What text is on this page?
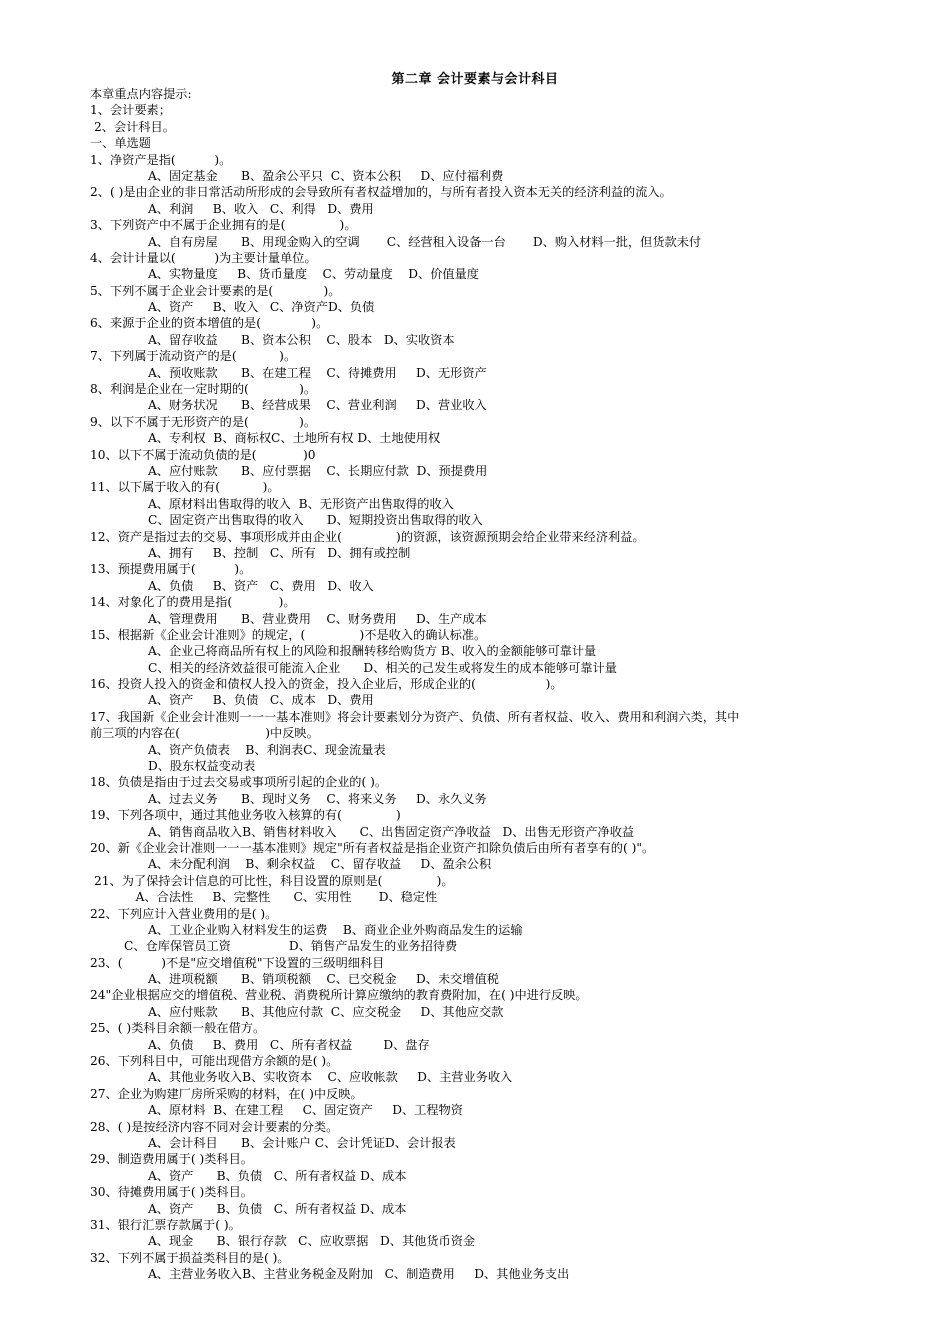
第二章 会计要素与会计科目
本章重点内容提示:
1、会计要素；
2、会计科目。
一、单选题
1、净资产是指(          )。
A、固定基金      B、盈余公平只  C、资本公积     D、应付福利费
2、( )是由企业的非日常活动所形成的会导致所有者权益增加的，与所有者投入资本无关的经济利益的流入。
A、利润     B、收入   C、利得   D、费用
3、下列资产中不属于企业拥有的是(              )。
A、自有房屋      B、用现金购入的空调       C、经营租入设备一台       D、购入材料一批，但货款未付
4、会计计量以(          )为主要计量单位。
A、实物量度     B、货币量度    C、劳动量度    D、价值量度
5、下列不属于企业会计要素的是(             )。
A、资产     B、收入   C、净资产D、负债
6、来源于企业的资本增值的是(             )。
A、留存收益      B、资本公积    C、股本   D、实收资本
7、下列属于流动资产的是(           )。
A、预收账款      B、在建工程    C、待摊费用     D、无形资产
8、利润是企业在一定时期的(             )。
A、财务状况      B、经营成果    C、营业利润     D、营业收入
9、以下不属于无形资产的是(             )。
A、专利权  B、商标权C、土地所有权 D、土地使用权
10、以下不属于流动负债的是(            )0
A、应付账款      B、应付票据    C、长期应付款  D、预提费用
11、以下属于收入的有(           )。
A、原材料出售取得的收入  B、无形资产出售取得的收入
C、固定资产出售取得的收入      D、短期投资出售取得的收入
12、资产是指过去的交易、事项形成并由企业(              )的资源，该资源预期会给企业带来经济利益。
A、拥有     B、控制   C、所有   D、拥有或控制
13、预提费用属于(          )。
A、负债     B、资产   C、费用   D、收入
14、对象化了的费用是指(            )。
A、管理费用      B、营业费用    C、财务费用     D、生产成本
15、根据新《企业会计准则》的规定，(              )不是收入的确认标准。
A、企业己将商品所有权上的风险和报酬转移给购货方 B、收入的金额能够可靠计量
C、相关的经济效益很可能流入企业      D、相关的己发生或将发生的成本能够可靠计量
16、投资人投入的资金和债权人投入的资金，投入企业后，形成企业的(                  )。
A、资产     B、负债   C、成本   D、费用
17、我国新《企业会计准则一一一基本准则》将会计要素划分为资产、负债、所有者权益、收入、费用和利润六类，其中
前三项的内容在(                      )中反映。
A、资产负债表    B、利润表C、现金流量表
D、股东权益变动表
18、负债是指由于过去交易或事项所引起的企业的( )。
A、过去义务      B、现时义务    C、将来义务     D、永久义务
19、下列各项中，通过其他业务收入核算的有(              )
A、销售商品收入B、销售材料收入      C、出售固定资产净收益   D、出售无形资产净收益
20、新《企业会计准则一一一基本准则》规定"所有者权益是指企业资产扣除负债后由所有者享有的( )"。
A、未分配利润    B、剩余权益    C、留存收益     D、盈余公积
21、为了保持会计信息的可比性，科目设置的原则是(              )。
A、合法性     B、完整性      C、实用性       D、稳定性
22、下列应计入营业费用的是( )。
A、工业企业购入材料发生的运费    B、商业企业外购商品发生的运输
C、仓库保管员工资               D、销售产品发生的业务招待费
23、(          )不是"应交增值税"下设置的三级明细科目
A、进项税额      B、销项税额    C、已交税金     D、未交增值税
24"企业根据应交的增值税、营业税、消费税所计算应缴纳的教育费附加，在( )中进行反映。
A、应付账款      B、其他应付款  C、应交税金     D、其他应交款
25、( )类科目余额一般在借方。
A、负债     B、费用   C、所有者权益        D、盘存
26、下列科目中，可能出现借方余额的是( )。
A、其他业务收入B、实收资本    C、应收帐款     D、主营业务收入
27、企业为购建厂房所采购的材料，在( )中反映。
A、原材料  B、在建工程     C、固定资产     D、工程物资
28、( )是按经济内容不同对会计要素的分类。
A、会计科目      B、会计账户 C、会计凭证D、会计报表
29、制造费用属于( )类科目。
A、资产      B、负债   C、所有者权益 D、成本
30、待摊费用属于( )类科目。
A、资产      B、负债   C、所有者权益 D、成本
31、银行汇票存款属于( )。
A、现金      B、银行存款   C、应收票据   D、其他货币资金
32、下列不属于损益类科目的是( )。
A、主营业务收入B、主营业务税金及附加   C、制造费用     D、其他业务支出
